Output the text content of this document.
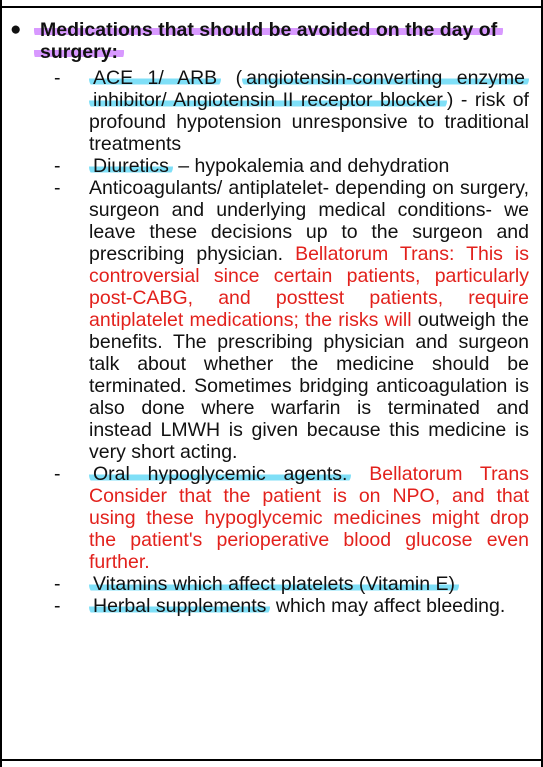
● Medications that should be avoided on the day of surgery:
- ACE 1/ ARB ( angiotensin-converting enzyme inhibitor/ Angiotensin II receptor blocker ) - risk of profound hypotension unresponsive to traditional treatments
- Diuretics – hypokalemia and dehydration
- Anticoagulants/ antiplatelet- depending on surgery, surgeon and underlying medical conditions- we leave these decisions up to the surgeon and prescribing physician. Bellatorum Trans: This is controversial since certain patients, particularly post-CABG, and posttest patients, require antiplatelet medications; the risks will outweigh the benefits. The prescribing physician and surgeon talk about whether the medicine should be terminated. Sometimes bridging anticoagulation is also done where warfarin is terminated and instead LMWH is given because this medicine is very short acting.
- Oral hypoglycemic agents. Bellatorum Trans Consider that the patient is on NPO, and that using these hypoglycemic medicines might drop the patient's perioperative blood glucose even further.
- Vitamins which affect platelets (Vitamin E)
- Herbal supplements which may affect bleeding.
